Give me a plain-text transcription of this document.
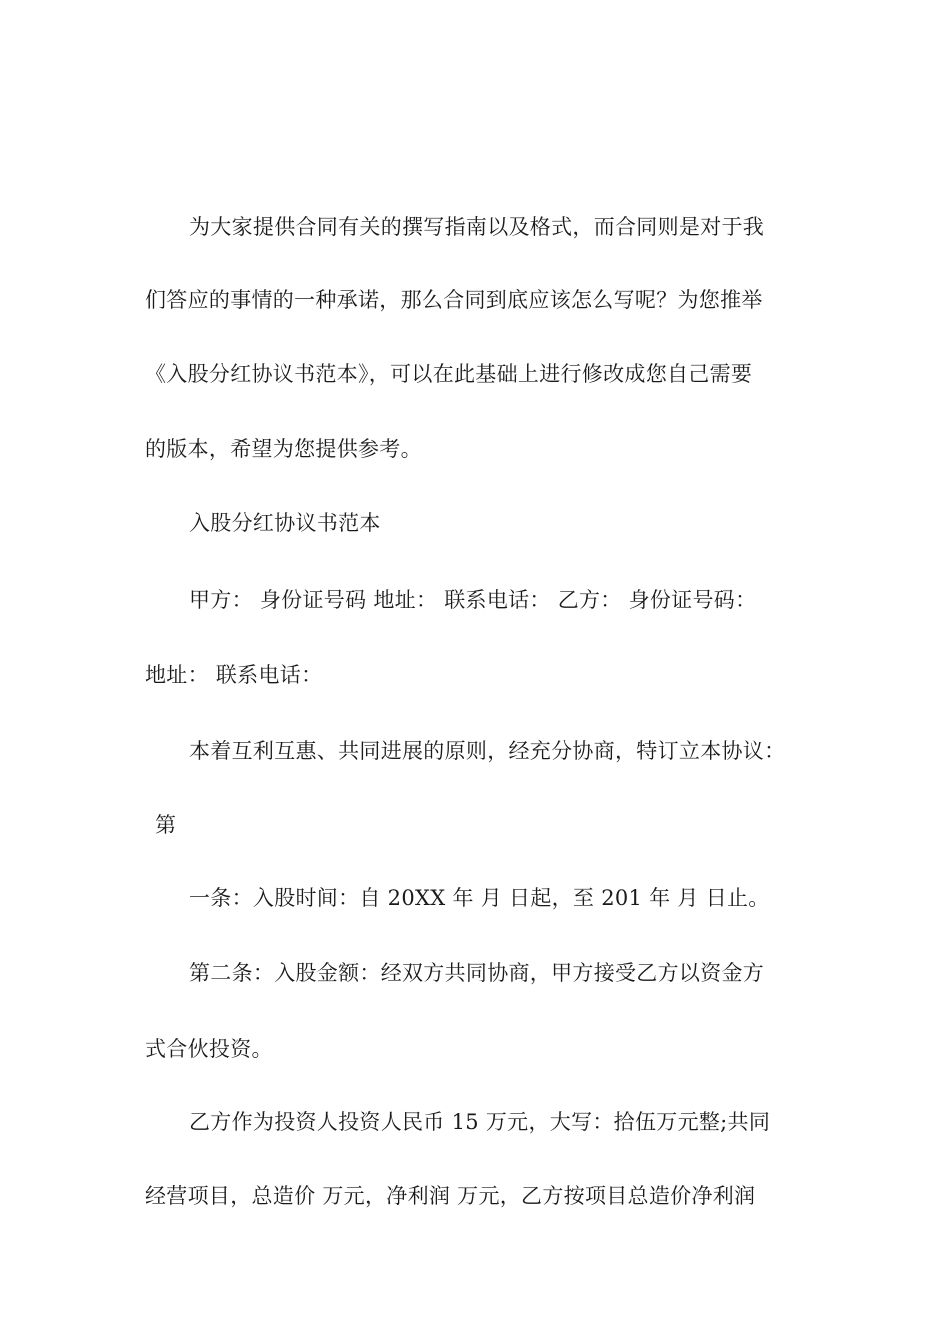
为大家提供合同有关的撰写指南以及格式，而合同则是对于我
们答应的事情的一种承诺，那么合同到底应该怎么写呢？为您推举
《入股分红协议书范本》，可以在此基础上进行修改成您自己需要
的版本，希望为您提供参考。
入股分红协议书范本
甲方： 身份证号码 地址： 联系电话： 乙方： 身份证号码：
地址： 联系电话：
本着互利互惠、共同进展的原则，经充分协商，特订立本协议：
第
一条：入股时间：自 20XX 年 月 日起，至 201 年 月 日止。
第二条：入股金额：经双方共同协商，甲方接受乙方以资金方
式合伙投资。
乙方作为投资人投资人民币 15 万元，大写：拾伍万元整;共同
经营项目，总造价 万元，净利润 万元，乙方按项目总造价净利润
